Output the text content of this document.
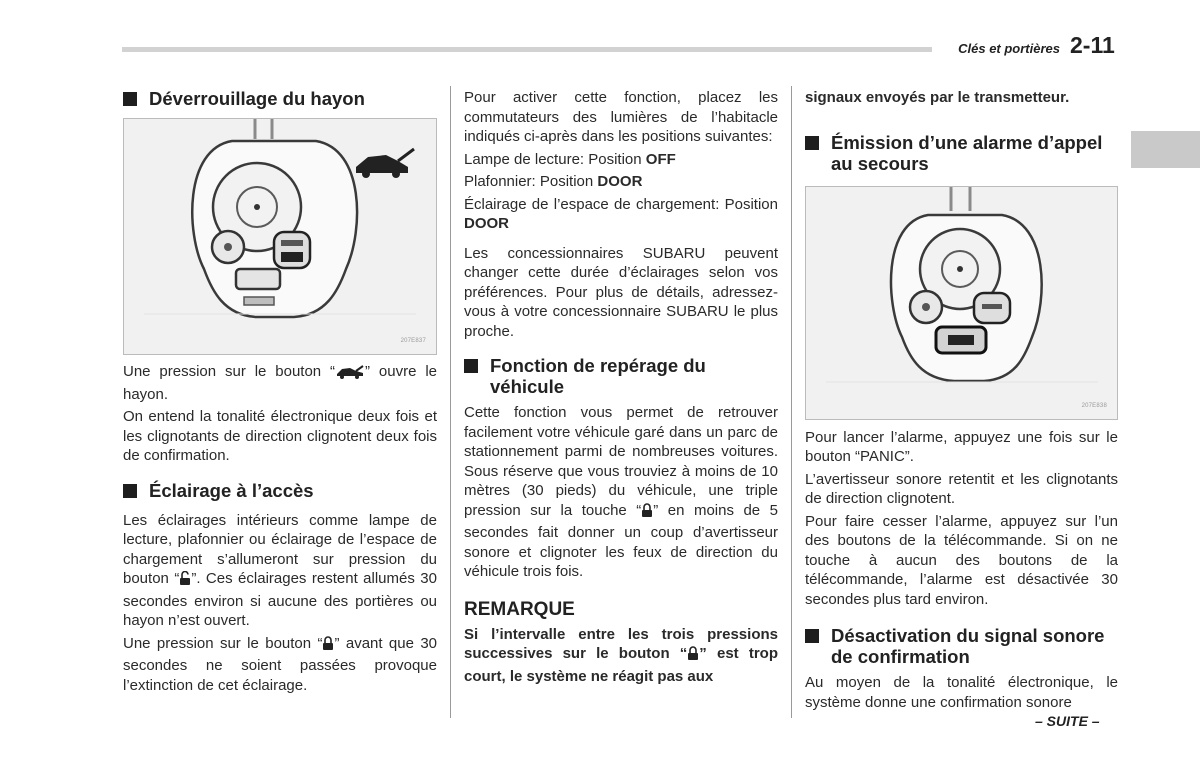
Clés et portières 2-11
Déverrouillage du hayon
207E837

Une pression sur le bouton “ ” ouvre le hayon.

On entend la tonalité électronique deux fois et les clignotants de direction clignotent deux fois de confirmation.

Éclairage à l’accès

Les éclairages intérieurs comme lampe de lecture, plafonnier ou éclairage de l’espace de chargement s’allumeront sur pression du bouton “ ”. Ces éclairages restent allumés 30 secondes environ si aucune des portières ou hayon n’est ouvert.

Une pression sur le bouton “ ” avant que 30 secondes ne soient passées provoque l’extinction de cet éclairage.

Pour activer cette fonction, placez les commutateurs des lumières de l’habitacle indiqués ci-après dans les positions suivantes:

Lampe de lecture: Position OFF

Plafonnier: Position DOOR

Éclairage de l’espace de chargement: Position DOOR

Les concessionnaires SUBARU peuvent changer cette durée d’éclairages selon vos préférences. Pour plus de détails, adressez-vous à votre concessionnaire SUBARU le plus proche.

Fonction de repérage du véhicule

Cette fonction vous permet de retrouver facilement votre véhicule garé dans un parc de stationnement parmi de nombreuses voitures. Sous réserve que vous trouviez à moins de 10 mètres (30 pieds) du véhicule, une triple pression sur la touche “ ” en moins de 5 secondes fait donner un coup d’avertisseur sonore et clignoter les feux de direction du véhicule trois fois.

REMARQUE

Si l’intervalle entre les trois pressions successives sur le bouton “ ” est trop court, le système ne réagit pas aux

signaux envoyés par le transmetteur.

Émission d’une alarme d’appel au secours
207E838

Pour lancer l’alarme, appuyez une fois sur le bouton “PANIC”.

L’avertisseur sonore retentit et les clignotants de direction clignotent.

Pour faire cesser l’alarme, appuyez sur l’un des boutons de la télécommande. Si on ne touche à aucun des boutons de la télécommande, l’alarme est désactivée 30 secondes plus tard environ.

Désactivation du signal sonore de confirmation

Au moyen de la tonalité électronique, le système donne une confirmation sonore

– SUITE –
